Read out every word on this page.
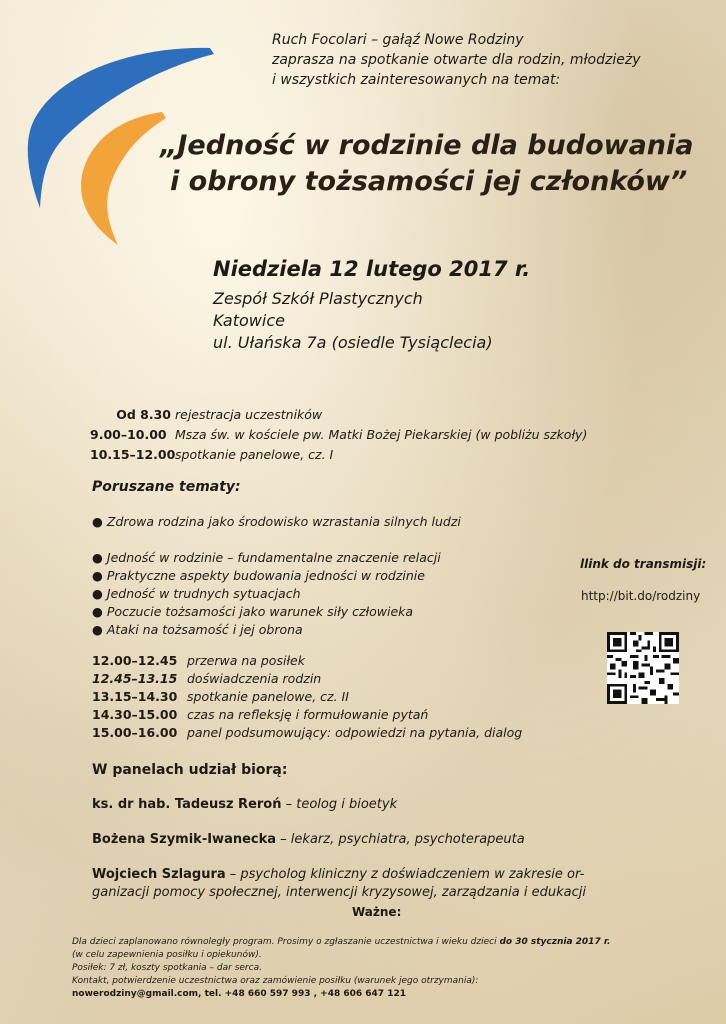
Ruch Focolari – gałąź Nowe Rodziny
zaprasza na spotkanie otwarte dla rodzin, młodzieży
i wszystkich zainteresowanych na temat:
„Jedność w rodzinie dla budowania
i obrony tożsamości jej członków”
Niedziela 12 lutego 2017 r.
Zespół Szkół Plastycznych
Katowice
ul. Ułańska 7a (osiedle Tysiąclecia)
Od 8.30 rejestracja uczestników
9.00–10.00 Msza św. w kościele pw. Matki Bożej Piekarskiej (w pobliżu szkoły)
10.15–12.00 spotkanie panelowe, cz. I
Poruszane tematy:
● Zdrowa rodzina jako środowisko wzrastania silnych ludzi
● Jedność w rodzinie – fundamentalne znaczenie relacji
● Praktyczne aspekty budowania jedności w rodzinie
● Jedność w trudnych sytuacjach
● Poczucie tożsamości jako warunek siły człowieka
● Ataki na tożsamość i jej obrona
12.00–12.45 przerwa na posiłek
12.45–13.15 doświadczenia rodzin
13.15–14.30 spotkanie panelowe, cz. II
14.30–15.00 czas na refleksję i formułowanie pytań
15.00–16.00 panel podsumowujący: odpowiedzi na pytania, dialog
W panelach udział biorą:
ks. dr hab. Tadeusz Reroń – teolog i bioetyk
Bożena Szymik-Iwanecka – lekarz, psychiatra, psychoterapeuta
Wojciech Szlagura – psycholog kliniczny z doświadczeniem w zakresie or-
ganizacji pomocy społecznej, interwencji kryzysowej, zarządzania i edukacji
Ważne:
Dla dzieci zaplanowano równoległy program. Prosimy o zgłaszanie uczestnictwa i wieku dzieci do 30 stycznia 2017 r.
(w celu zapewnienia posiłku i opiekunów).
Posiłek: 7 zł, koszty spotkania – dar serca.
Kontakt, potwierdzenie uczestnictwa oraz zamówienie posiłku (warunek jego otrzymania):
nowerodziny@gmail.com, tel. +48 660 597 993 , +48 606 647 121
llink do transmisji:
http://bit.do/rodziny
